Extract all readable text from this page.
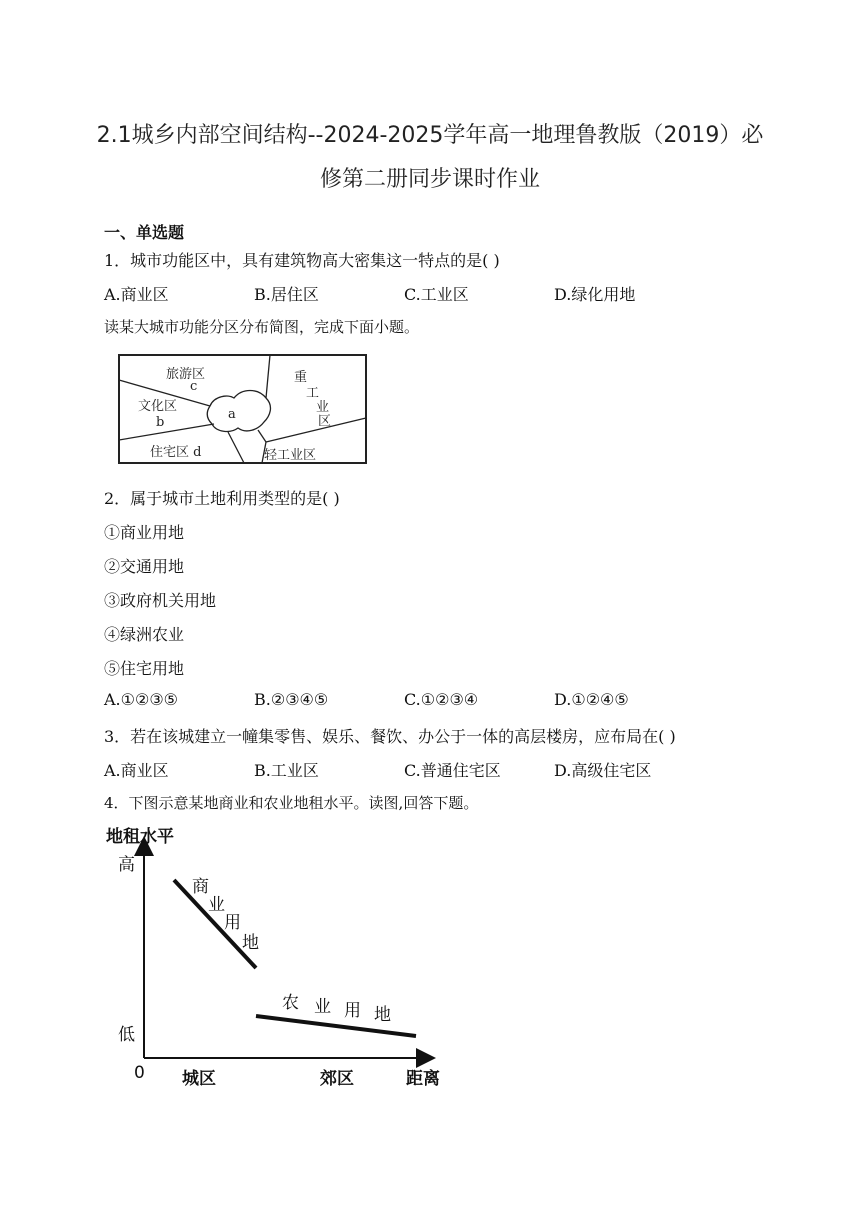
2.1城乡内部空间结构--2024-2025学年高一地理鲁教版（2019）必
修第二册同步课时作业
一、单选题
1．城市功能区中，具有建筑物高大密集这一特点的是( )
A.商业区	B.居住区	C.工业区	D.绿化用地
读某大城市功能分区分布简图，完成下面小题。
旅游区
c
文化区
b
a
重
工
业
区
住宅区 d	轻工业区
2．属于城市土地利用类型的是( )
①商业用地
②交通用地
③政府机关用地
④绿洲农业
⑤住宅用地
A.①②③⑤	B.②③④⑤	C.①②③④	D.①②④⑤
3．若在该城建立一幢集零售、娱乐、餐饮、办公于一体的高层楼房，应布局在( )
A.商业区	B.工业区	C.普通住宅区	D.高级住宅区
4．下图示意某地商业和农业地租水平。读图,回答下题。
地租水平
高
低
0 城区	郊区	距离
商
业
用
地
农 业 用 地
